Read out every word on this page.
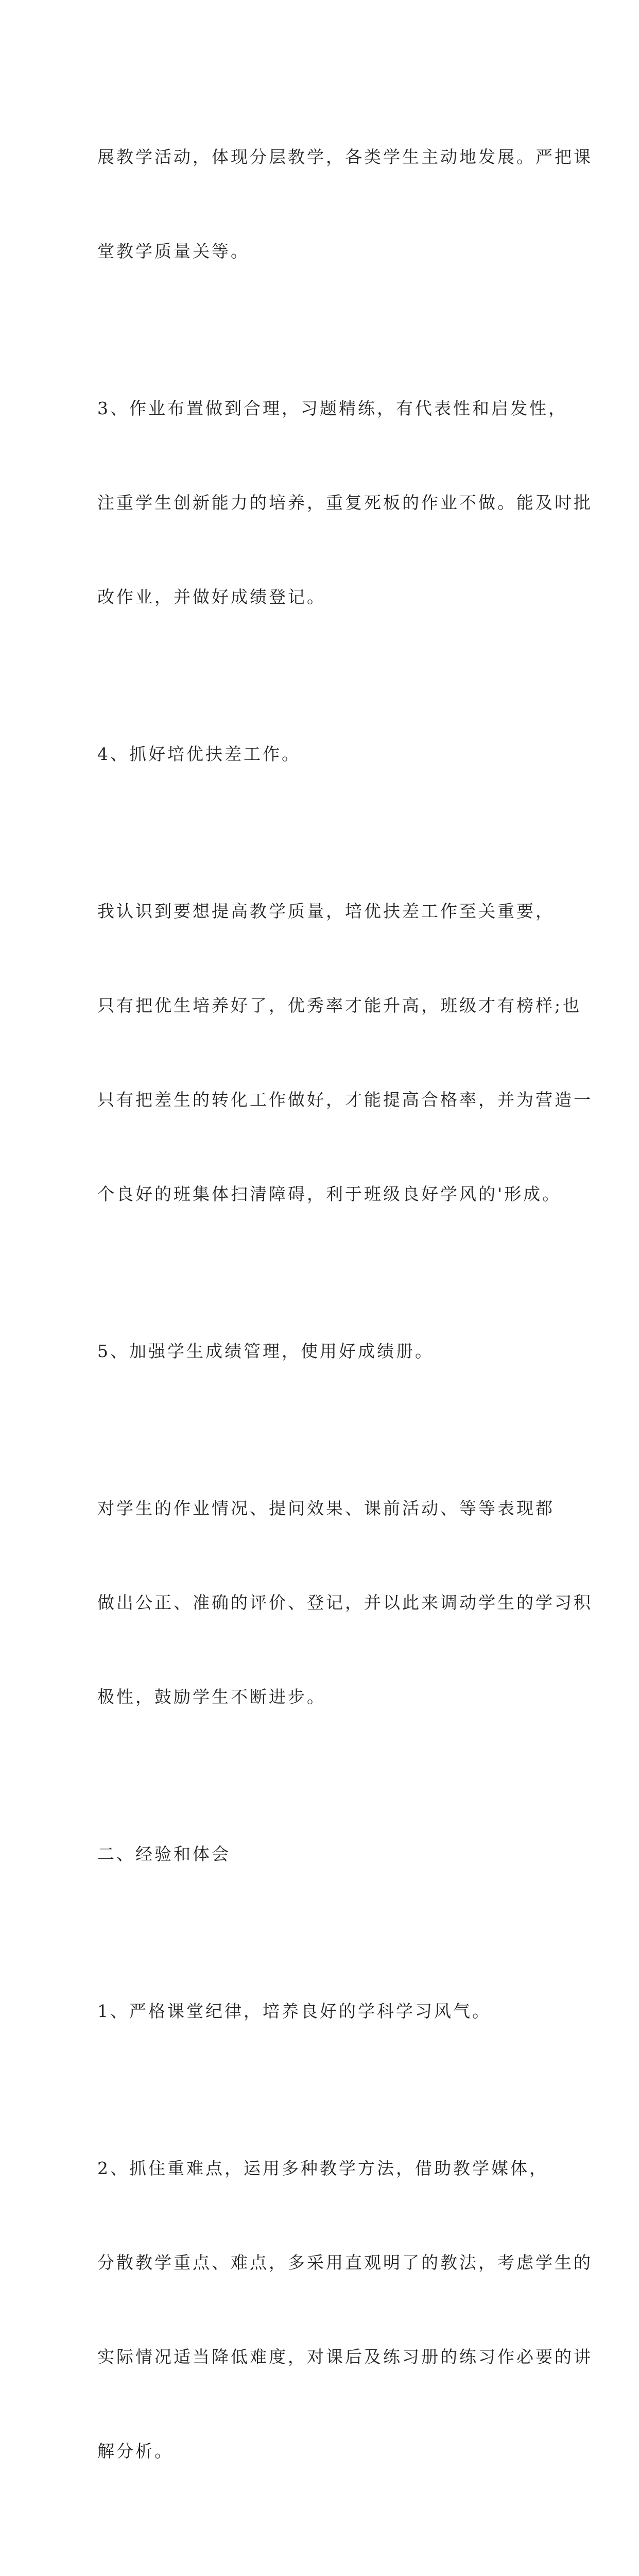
展教学活动，体现分层教学，各类学生主动地发展。严把课

堂教学质量关等。

3、作业布置做到合理，习题精练，有代表性和启发性，

注重学生创新能力的培养，重复死板的作业不做。能及时批

改作业，并做好成绩登记。

4、抓好培优扶差工作。

我认识到要想提高教学质量，培优扶差工作至关重要，

只有把优生培养好了，优秀率才能升高，班级才有榜样;也

只有把差生的转化工作做好，才能提高合格率，并为营造一

个良好的班集体扫清障碍，利于班级良好学风的'形成。

5、加强学生成绩管理，使用好成绩册。

对学生的作业情况、提问效果、课前活动、等等表现都

做出公正、准确的评价、登记，并以此来调动学生的学习积

极性，鼓励学生不断进步。

二、经验和体会

1、严格课堂纪律，培养良好的学科学习风气。

2、抓住重难点，运用多种教学方法，借助教学媒体，

分散教学重点、难点，多采用直观明了的教法，考虑学生的

实际情况适当降低难度，对课后及练习册的练习作必要的讲

解分析。
